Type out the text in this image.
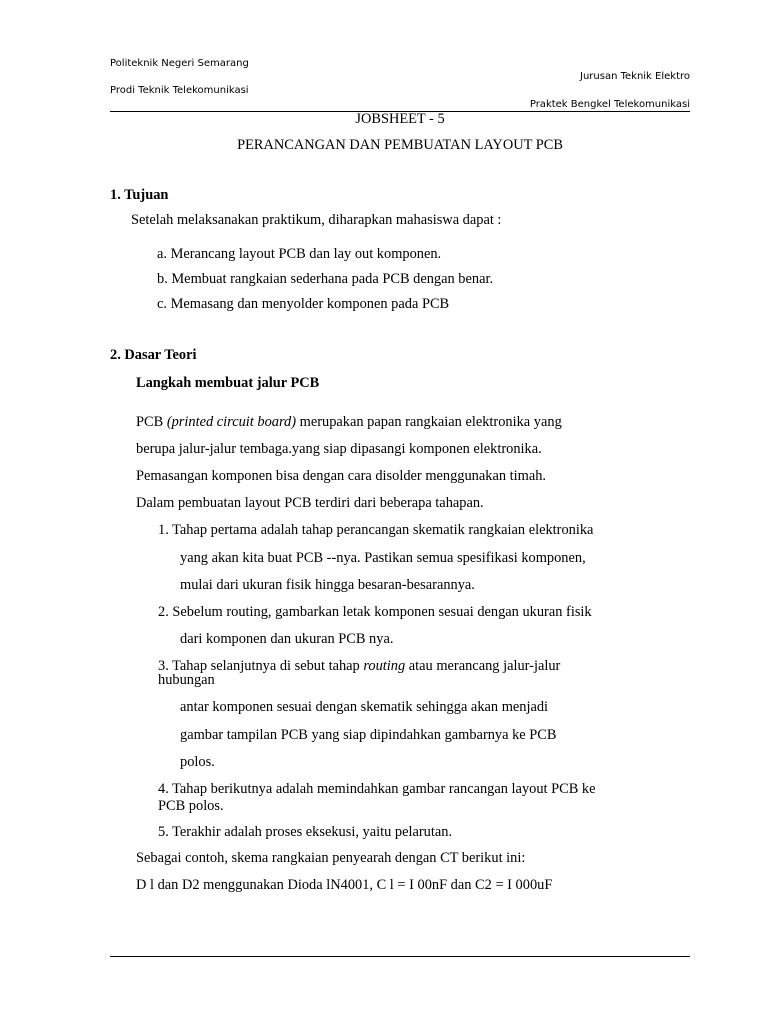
Politeknik Negeri Semarang
Jurusan Teknik Elektro
Prodi Teknik Telekomunikasi
Praktek Bengkel Telekomunikasi
JOBSHEET - 5
PERANCANGAN DAN PEMBUATAN LAYOUT PCB
1. Tujuan
Setelah melaksanakan praktikum, diharapkan mahasiswa dapat :
a. Merancang layout PCB dan lay out komponen.
b. Membuat rangkaian sederhana pada PCB dengan benar.
c. Memasang dan menyolder komponen pada PCB
2. Dasar Teori
Langkah membuat jalur PCB
PCB (printed circuit board) merupakan papan rangkaian elektronika yang
berupa jalur-jalur tembaga.yang siap dipasangi komponen elektronika.
Pemasangan komponen bisa dengan cara disolder menggunakan timah.
Dalam pembuatan layout PCB terdiri dari beberapa tahapan.
1. Tahap pertama adalah tahap perancangan skematik rangkaian elektronika
yang akan kita buat PCB --nya. Pastikan semua spesifikasi komponen,
mulai dari ukuran fisik hingga besaran-besarannya.
2. Sebelum routing, gambarkan letak komponen sesuai dengan ukuran fisik
dari komponen dan ukuran PCB nya.
3. Tahap selanjutnya di sebut tahap routing atau merancang jalur-jalur
hubungan
antar komponen sesuai dengan skematik sehingga akan menjadi
gambar tampilan PCB yang siap dipindahkan gambarnya ke PCB
polos.
4. Tahap berikutnya adalah memindahkan gambar rancangan layout PCB ke
PCB polos.
5. Terakhir adalah proses eksekusi, yaitu pelarutan.
Sebagai contoh, skema rangkaian penyearah dengan CT berikut ini:
D l dan D2 menggunakan Dioda lN4001, C l = I 00nF dan C2 = I 000uF
